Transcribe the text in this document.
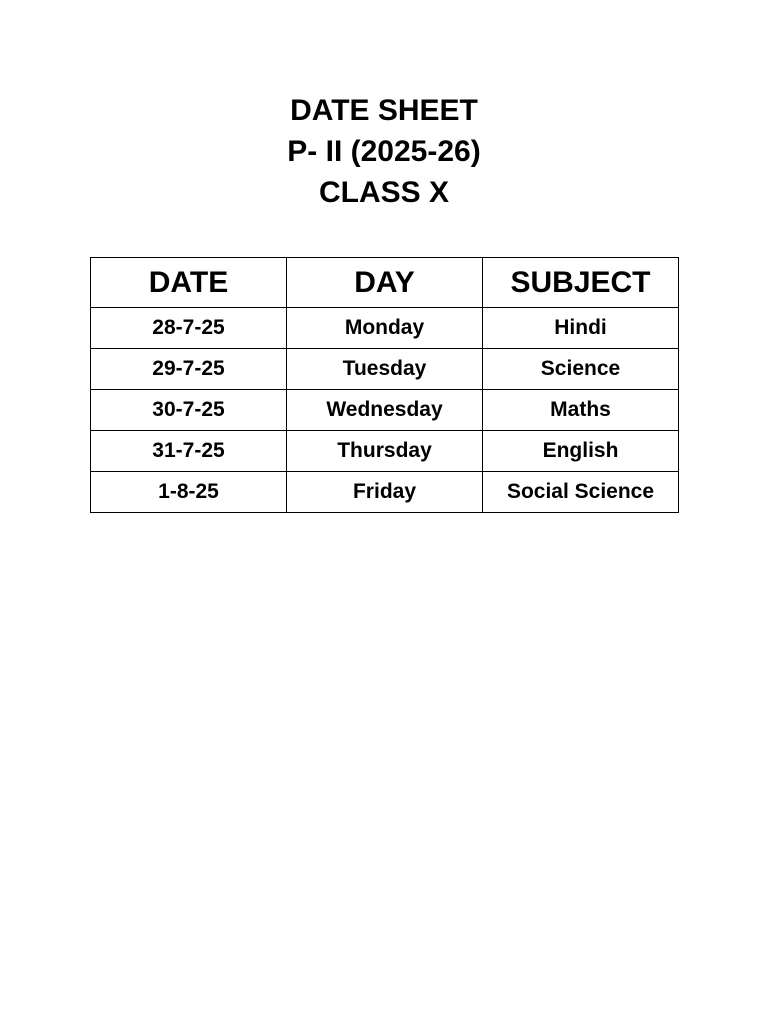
DATE SHEET
P- II (2025-26)
CLASS X
DATE	DAY	SUBJECT
28-7-25	Monday	Hindi
29-7-25	Tuesday	Science
30-7-25	Wednesday	Maths
31-7-25	Thursday	English
1-8-25	Friday	Social Science
